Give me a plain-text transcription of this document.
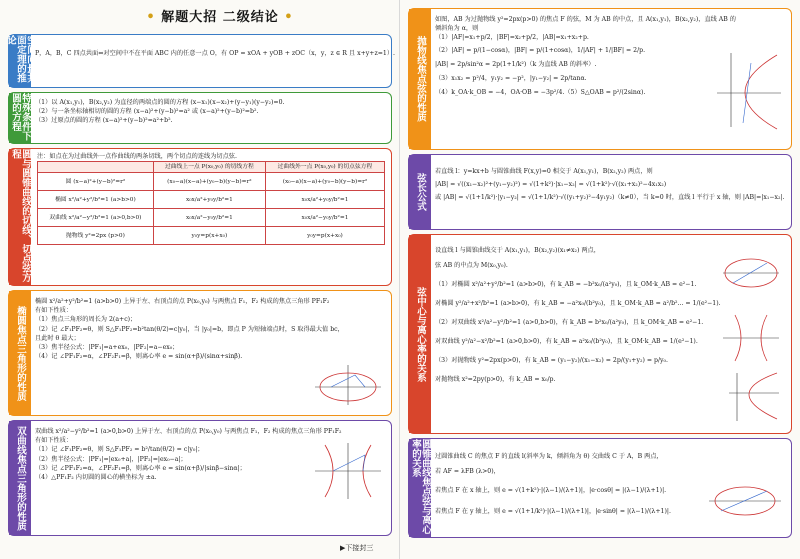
• 解题大招 二级结论 •
空间向量共面定理的推论

P，A，B，C 四点共面⇔对空间中不在平面 ABC 内的任意一点 O，有 OP = xOA + yOB + zOC（x，y，z ∈ R 且 x+y+z=1）.

特殊条件下圆的方程	（1）以 A(x₁,y₁)，B(x₂,y₂) 为直径的两端点的圆的方程 (x−x₁)(x−x₂)+(y−y₁)(y−y₂)=0.

（2）与一条坐标轴相切的圆的方程 (x−a)²+(y−b)²=a² 或 (x−a)²+(y−b)²=b².

（3）过原点的圆的方程 (x−a)²+(y−b)²=a²+b².

圆与圆锥曲线的切线、切点弦方程	注：如点在为过曲线外一点作曲线的两条切线，两个切点的连线为切点弦.

	过曲线上一点 P(x₀,y₀) 的切线方程	过曲线外一点 P(x₀,y₀) 的切点弦方程
圆 (x−a)²+(y−b)²=r²	(x₀−a)(x−a)+(y₀−b)(y−b)=r²	(x₀−a)(x−a)+(y₀−b)(y−b)=r²
椭圆 x²/a²+y²/b²=1 (a>b>0)	x₀x/a²+y₀y/b²=1	x₀x/a²+y₀y/b²=1
双曲线 x²/a²−y²/b²=1 (a>0,b>0)	x₀x/a²−y₀y/b²=1	x₀x/a²−y₀y/b²=1
抛物线 y²=2px (p>0)	y₀y=p(x+x₀)	y₀y=p(x+x₀)
椭圆焦点三角形的性质

椭圆 x²/a²+y²/b²=1 (a>b>0) 上异于左、右顶点的点 P(x₀,y₀) 与两焦点 F₁，F₂ 构成的焦点三角形 PF₁F₂

有如下性质：

（1）焦点三角形的周长为 2(a+c)；

（2）记 ∠F₁PF₂=θ，则 S△F₁PF₂=b²tan(θ/2)=c|y₀|，当 |y₀|=b，即点 P 为短轴端点时，S 取得最大值 bc，

且此时 θ 最大；

（3）焦半径公式：|PF₁|=a+ex₀，|PF₂|=a−ex₀；

（4）记 ∠PF₁F₂=α，∠PF₂F₁=β，则离心率 e = sin(α+β)/(sinα+sinβ).

双曲线焦点三角形的性质	双曲线 x²/a²−y²/b²=1 (a>0,b>0) 上异于左、右顶点的点 P(x₀,y₀) 与两焦点 F₁，F₂ 构成的焦点三角形 PF₁F₂

有如下性质：

（1）记 ∠F₁PF₂=θ，则 S△F₁PF₂ = b²/tan(θ/2) = c|y₀|；

（2）焦半径公式：|PF₁|=|ex₀+a|，|PF₂|=|ex₀−a|；

（3）记 ∠PF₁F₂=α，∠PF₂F₁=β，则离心率 e = sin(α+β)/|sinβ−sinα|；

（4）△PF₁F₂ 内切圆的圆心的横坐标为 ±a.

抛物线焦点弦的性质

如图，AB 为过抛物线 y²=2px(p>0) 的焦点 F 的弦，M 为 AB 的中点，且 A(x₁,y₁)，B(x₂,y₂)，直线 AB 的

倾斜角为 α，则

（1）|AF|=x₁+p/2，|BF|=x₂+p/2，|AB|=x₁+x₂+p.

（2）|AF| = p/(1−cosα)，|BF| = p/(1+cosα)，1/|AF| + 1/|BF| = 2/p.

|AB| = 2p/sin²α = 2p(1+1/k²)（k 为直线 AB 的斜率）.

（3）x₁x₂ = p²/4，y₁y₂ = −p²，|y₁−y₂| = 2p/tanα.

（4）k_OA·k_OB = −4，OA·OB = −3p²/4.（5）S△OAB = p²/(2sinα).

弦长公式

若直线 l：y=kx+b 与圆锥曲线 F(x,y)=0 相交于 A(x₁,y₁)，B(x₂,y₂) 两点，则

|AB| = √((x₁−x₂)²+(y₁−y₂)²) = √(1+k²)·|x₁−x₂| = √(1+k²)·√((x₁+x₂)²−4x₁x₂)

或 |AB| = √(1+1/k²)·|y₁−y₂| = √(1+1/k²)·√((y₁+y₂)²−4y₁y₂)（k≠0），当 k=0 时，直线 l 平行于 x 轴，则 |AB|=|x₁−x₂|.

弦中心与离心率的关系

设直线 l 与圆锥曲线交于 A(x₁,y₁)，B(x₂,y₂)(x₁≠x₂) 两点，

弦 AB 的中点为 M(x₀,y₀).

（1）对椭圆 x²/a²+y²/b²=1 (a>b>0)，有 k_AB = −b²x₀/(a²y₀)，且 k_OM·k_AB = e²−1.

对椭圆 y²/a²+x²/b²=1 (a>b>0)，有 k_AB = −a²x₀/(b²y₀)，且 k_OM·k_AB = a²/b²... = 1/(e²−1).

（2）对双曲线 x²/a²−y²/b²=1 (a>0,b>0)，有 k_AB = b²x₀/(a²y₀)，且 k_OM·k_AB = e²−1.

对双曲线 y²/a²−x²/b²=1 (a>0,b>0)，有 k_AB = a²x₀/(b²y₀)，且 k_OM·k_AB = 1/(e²−1).

（3）对抛物线 y²=2px(p>0)，有 k_AB = (y₁−y₂)/(x₁−x₂) = 2p/(y₁+y₂) = p/y₀.

对抛物线 x²=2py(p>0)，有 k_AB = x₀/p.

圆锥曲线焦点弦与离心率的关系	过圆锥曲线 C 的焦点 F 的直线 l(斜率为 k，倾斜角为 θ) 交曲线 C 于 A，B 两点，

若 AF = λFB (λ>0)，

若焦点 F 在 x 轴上，则 e = √(1+k²)·|(λ−1)/(λ+1)|，|e·cosθ| = |(λ−1)/(λ+1)|.

若焦点 F 在 y 轴上，则 e = √(1+1/k²)·|(λ−1)/(λ+1)|，|e·sinθ| = |(λ−1)/(λ+1)|.

▶下接封三
